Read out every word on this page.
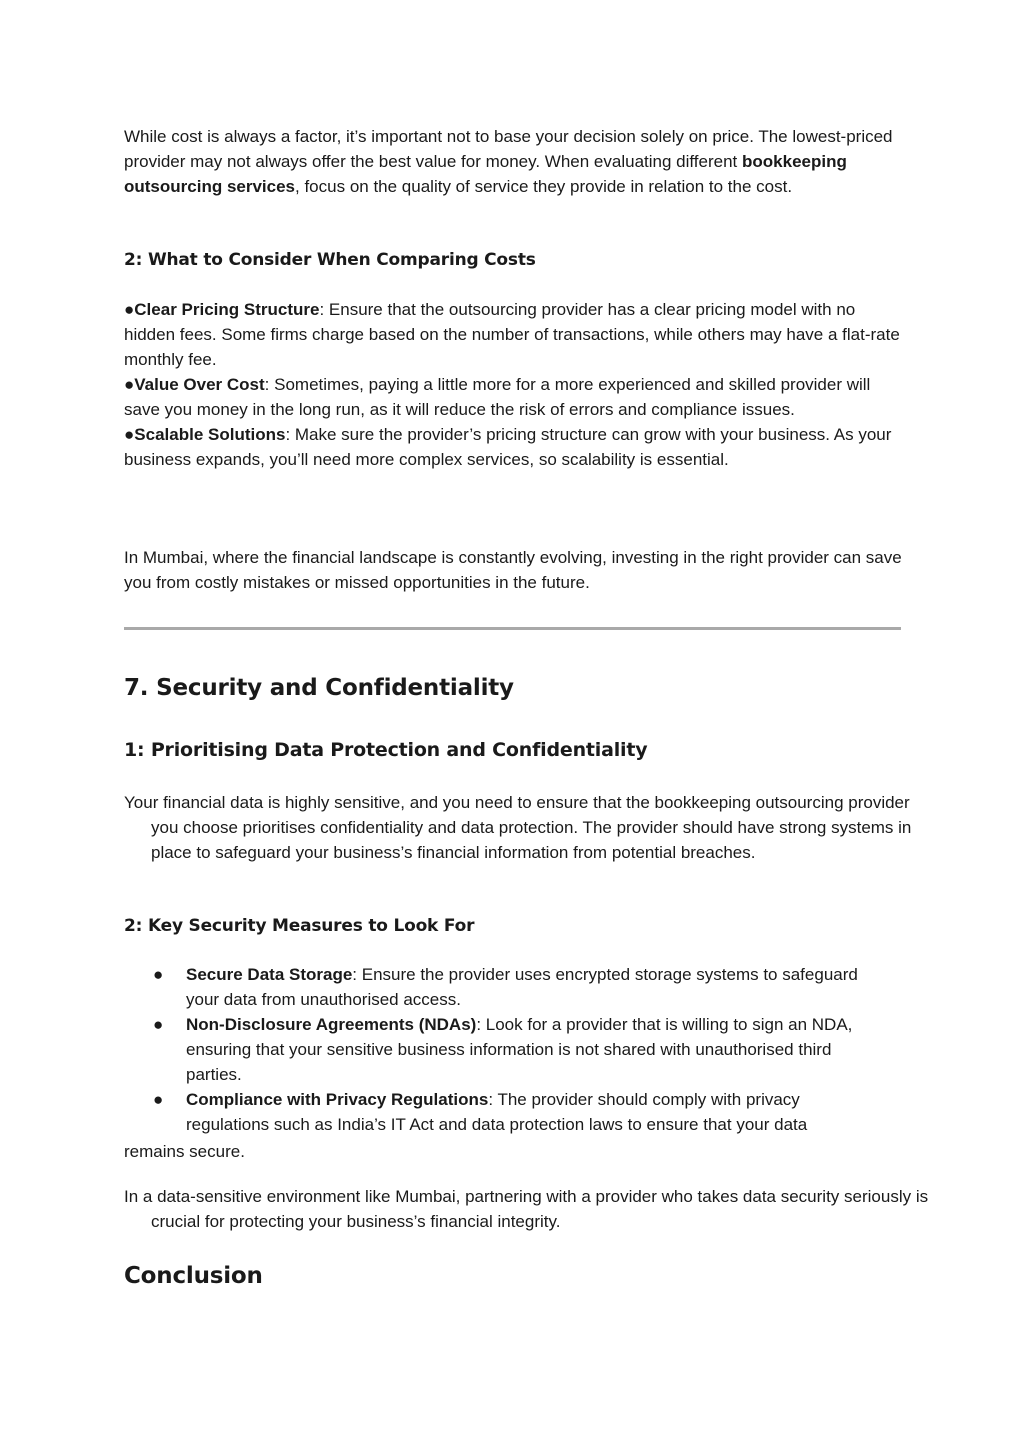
While cost is always a factor, it’s important not to base your decision solely on price. The lowest-priced provider may not always offer the best value for money. When evaluating different bookkeeping outsourcing services, focus on the quality of service they provide in relation to the cost.

2: What to Consider When Comparing Costs
●Clear Pricing Structure: Ensure that the outsourcing provider has a clear pricing model with no hidden fees. Some firms charge based on the number of transactions, while others may have a flat-rate monthly fee.
●Value Over Cost: Sometimes, paying a little more for a more experienced and skilled provider will save you money in the long run, as it will reduce the risk of errors and compliance issues.
●Scalable Solutions: Make sure the provider’s pricing structure can grow with your business. As your business expands, you’ll need more complex services, so scalability is essential.

In Mumbai, where the financial landscape is constantly evolving, investing in the right provider can save you from costly mistakes or missed opportunities in the future.

7. Security and Confidentiality
1: Prioritising Data Protection and Confidentiality

Your financial data is highly sensitive, and you need to ensure that the bookkeeping outsourcing provider you choose prioritises confidentiality and data protection. The provider should have strong systems in place to safeguard your business’s financial information from potential breaches.

2: Key Security Measures to Look For
● Secure Data Storage: Ensure the provider uses encrypted storage systems to safeguard your data from unauthorised access.
● Non-Disclosure Agreements (NDAs): Look for a provider that is willing to sign an NDA, ensuring that your sensitive business information is not shared with unauthorised third parties.
● Compliance with Privacy Regulations: The provider should comply with privacy regulations such as India’s IT Act and data protection laws to ensure that your data

remains secure.

In a data-sensitive environment like Mumbai, partnering with a provider who takes data security seriously is crucial for protecting your business’s financial integrity.

Conclusion
